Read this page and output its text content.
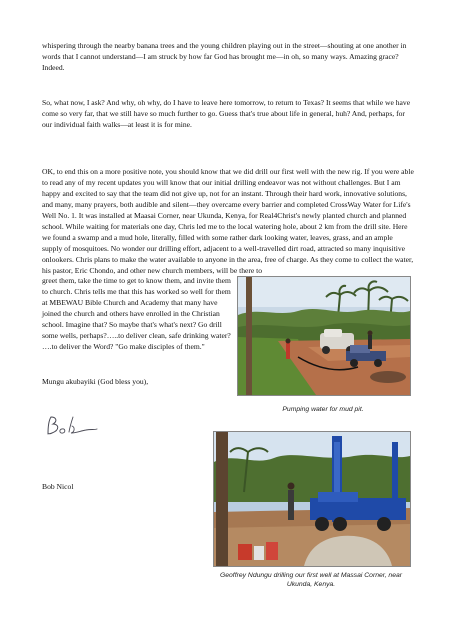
whispering through the nearby banana trees and the young children playing out in the street—shouting at one another in words that I cannot understand—I am struck by how far God has brought me—in oh, so many ways. Amazing grace? Indeed.

So, what now, I ask? And why, oh why, do I have to leave here tomorrow, to return to Texas? It seems that while we have come so very far, that we still have so much further to go. Guess that's true about life in general, huh? And, perhaps, for our individual faith walks—at least it is for mine.

OK, to end this on a more positive note, you should know that we did drill our first well with the new rig. If you were able to read any of my recent updates you will know that our initial drilling endeavor was not without challenges. But I am happy and excited to say that the team did not give up, not for an instant. Through their hard work, innovative solutions, and many, many prayers, both audible and silent—they overcame every barrier and completed CrossWay Water for Life's Well No. 1. It was installed at Maasai Corner, near Ukunda, Kenya, for Real4Christ's newly planted church and planned school. While waiting for materials one day, Chris led me to the local watering hole, about 2 km from the drill site. Here we found a swamp and a mud hole, literally, filled with some rather dark looking water, leaves, grass, and an ample supply of mosquitoes. No wonder our drilling effort, adjacent to a well-travelled dirt road, attracted so many inquisitive onlookers. Chris plans to make the water available to anyone in the area, free of charge. As they come to collect the water, his pastor, Eric Chondo, and other new church members, will be there to

greet them, take the time to get to know them, and invite them to church. Chris tells me that this has worked so well for them at MBEWAU Bible Church and Academy that many have joined the church and others have enrolled in the Christian school. Imagine that? So maybe that's what's next? Go drill some wells, perhaps?…..to deliver clean, safe drinking water? ….to deliver the Word? "Go make disciples of them."

Mungu akubayiki (God bless you),

Bob Nicol

Pumping water for mud pit.

Geoffrey Ndungu drilling our first well at Massai Corner, near Ukunda, Kenya.
